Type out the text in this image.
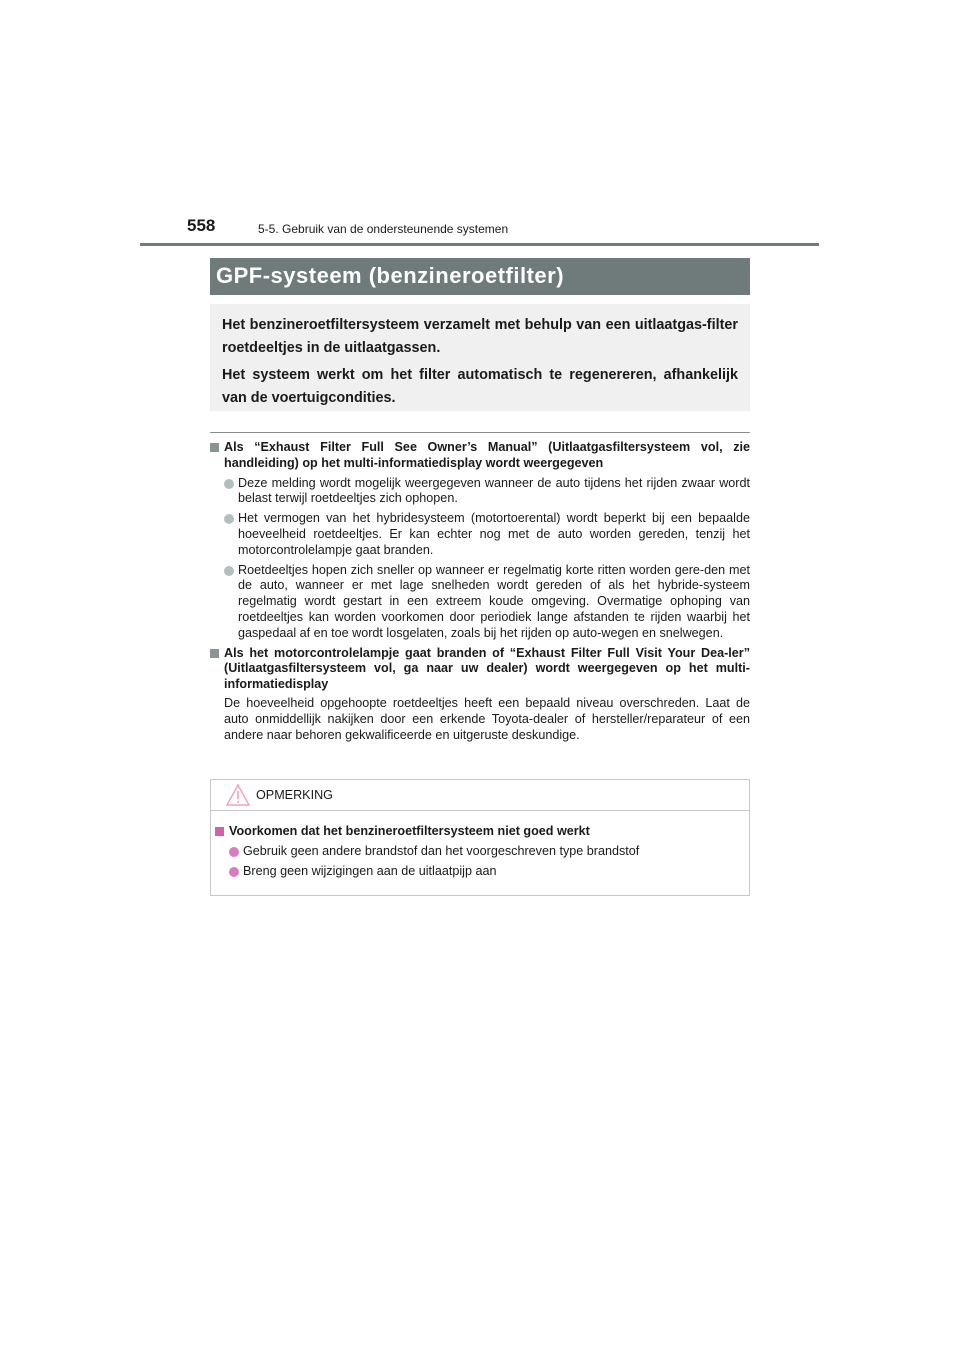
558	5-5. Gebruik van de ondersteunende systemen
GPF-systeem (benzineroetfilter)

Het benzineroetfiltersysteem verzamelt met behulp van een uitlaatgas-filter roetdeeltjes in de uitlaatgassen.

Het systeem werkt om het filter automatisch te regenereren, afhankelijk van de voertuigcondities.

Als “Exhaust Filter Full See Owner’s Manual” (Uitlaatgasfiltersysteem vol, zie handleiding) op het multi-informatiedisplay wordt weergegeven
Deze melding wordt mogelijk weergegeven wanneer de auto tijdens het rijden zwaar wordt belast terwijl roetdeeltjes zich ophopen.
Het vermogen van het hybridesysteem (motortoerental) wordt beperkt bij een bepaalde hoeveelheid roetdeeltjes. Er kan echter nog met de auto worden gereden, tenzij het motorcontrolelampje gaat branden.
Roetdeeltjes hopen zich sneller op wanneer er regelmatig korte ritten worden gere-den met de auto, wanneer er met lage snelheden wordt gereden of als het hybride-systeem regelmatig wordt gestart in een extreem koude omgeving. Overmatige ophoping van roetdeeltjes kan worden voorkomen door periodiek lange afstanden te rijden waarbij het gaspedaal af en toe wordt losgelaten, zoals bij het rijden op auto-wegen en snelwegen.
Als het motorcontrolelampje gaat branden of “Exhaust Filter Full Visit Your Dea-ler” (Uitlaatgasfiltersysteem vol, ga naar uw dealer) wordt weergegeven op het multi-informatiedisplay
De hoeveelheid opgehoopte roetdeeltjes heeft een bepaald niveau overschreden. Laat de auto onmiddellijk nakijken door een erkende Toyota-dealer of hersteller/reparateur of een andere naar behoren gekwalificeerde en uitgeruste deskundige.
OPMERKING
Voorkomen dat het benzineroetfiltersysteem niet goed werkt
Gebruik geen andere brandstof dan het voorgeschreven type brandstof
Breng geen wijzigingen aan de uitlaatpijp aan
